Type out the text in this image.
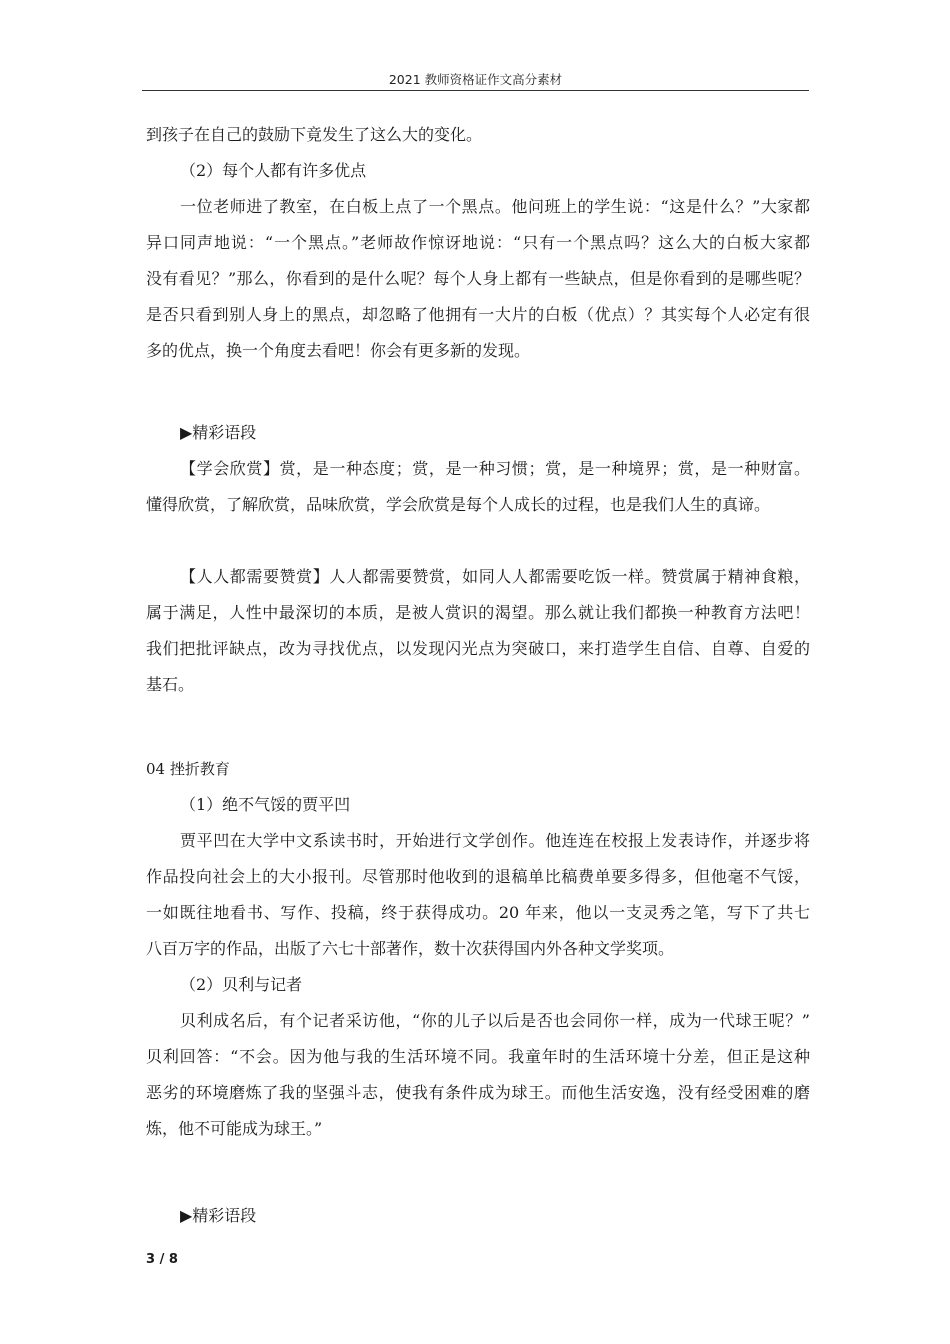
2021 教师资格证作文高分素材
到孩子在自己的鼓励下竟发生了这么大的变化。
（2）每个人都有许多优点
一位老师进了教室，在白板上点了一个黑点。他问班上的学生说：“这是什么？”大家都
异口同声地说：“一个黑点。”老师故作惊讶地说：“只有一个黑点吗？这么大的白板大家都
没有看见？”那么，你看到的是什么呢？每个人身上都有一些缺点，但是你看到的是哪些呢？
是否只看到别人身上的黑点，却忽略了他拥有一大片的白板（优点）？其实每个人必定有很
多的优点，换一个角度去看吧！你会有更多新的发现。
▶精彩语段
【学会欣赏】赏，是一种态度；赏，是一种习惯；赏，是一种境界；赏，是一种财富。
懂得欣赏，了解欣赏，品味欣赏，学会欣赏是每个人成长的过程，也是我们人生的真谛。
【人人都需要赞赏】人人都需要赞赏，如同人人都需要吃饭一样。赞赏属于精神食粮，
属于满足，人性中最深切的本质，是被人赏识的渴望。那么就让我们都换一种教育方法吧！
我们把批评缺点，改为寻找优点，以发现闪光点为突破口，来打造学生自信、自尊、自爱的
基石。
04 挫折教育
（1）绝不气馁的贾平凹
贾平凹在大学中文系读书时，开始进行文学创作。他连连在校报上发表诗作，并逐步将
作品投向社会上的大小报刊。尽管那时他收到的退稿单比稿费单要多得多，但他毫不气馁，
一如既往地看书、写作、投稿，终于获得成功。20 年来，他以一支灵秀之笔，写下了共七
八百万字的作品，出版了六七十部著作，数十次获得国内外各种文学奖项。
（2）贝利与记者
贝利成名后，有个记者采访他，“你的儿子以后是否也会同你一样，成为一代球王呢？”
贝利回答：“不会。因为他与我的生活环境不同。我童年时的生活环境十分差，但正是这种
恶劣的环境磨炼了我的坚强斗志，使我有条件成为球王。而他生活安逸，没有经受困难的磨
炼，他不可能成为球王。”
▶精彩语段
3 / 8
